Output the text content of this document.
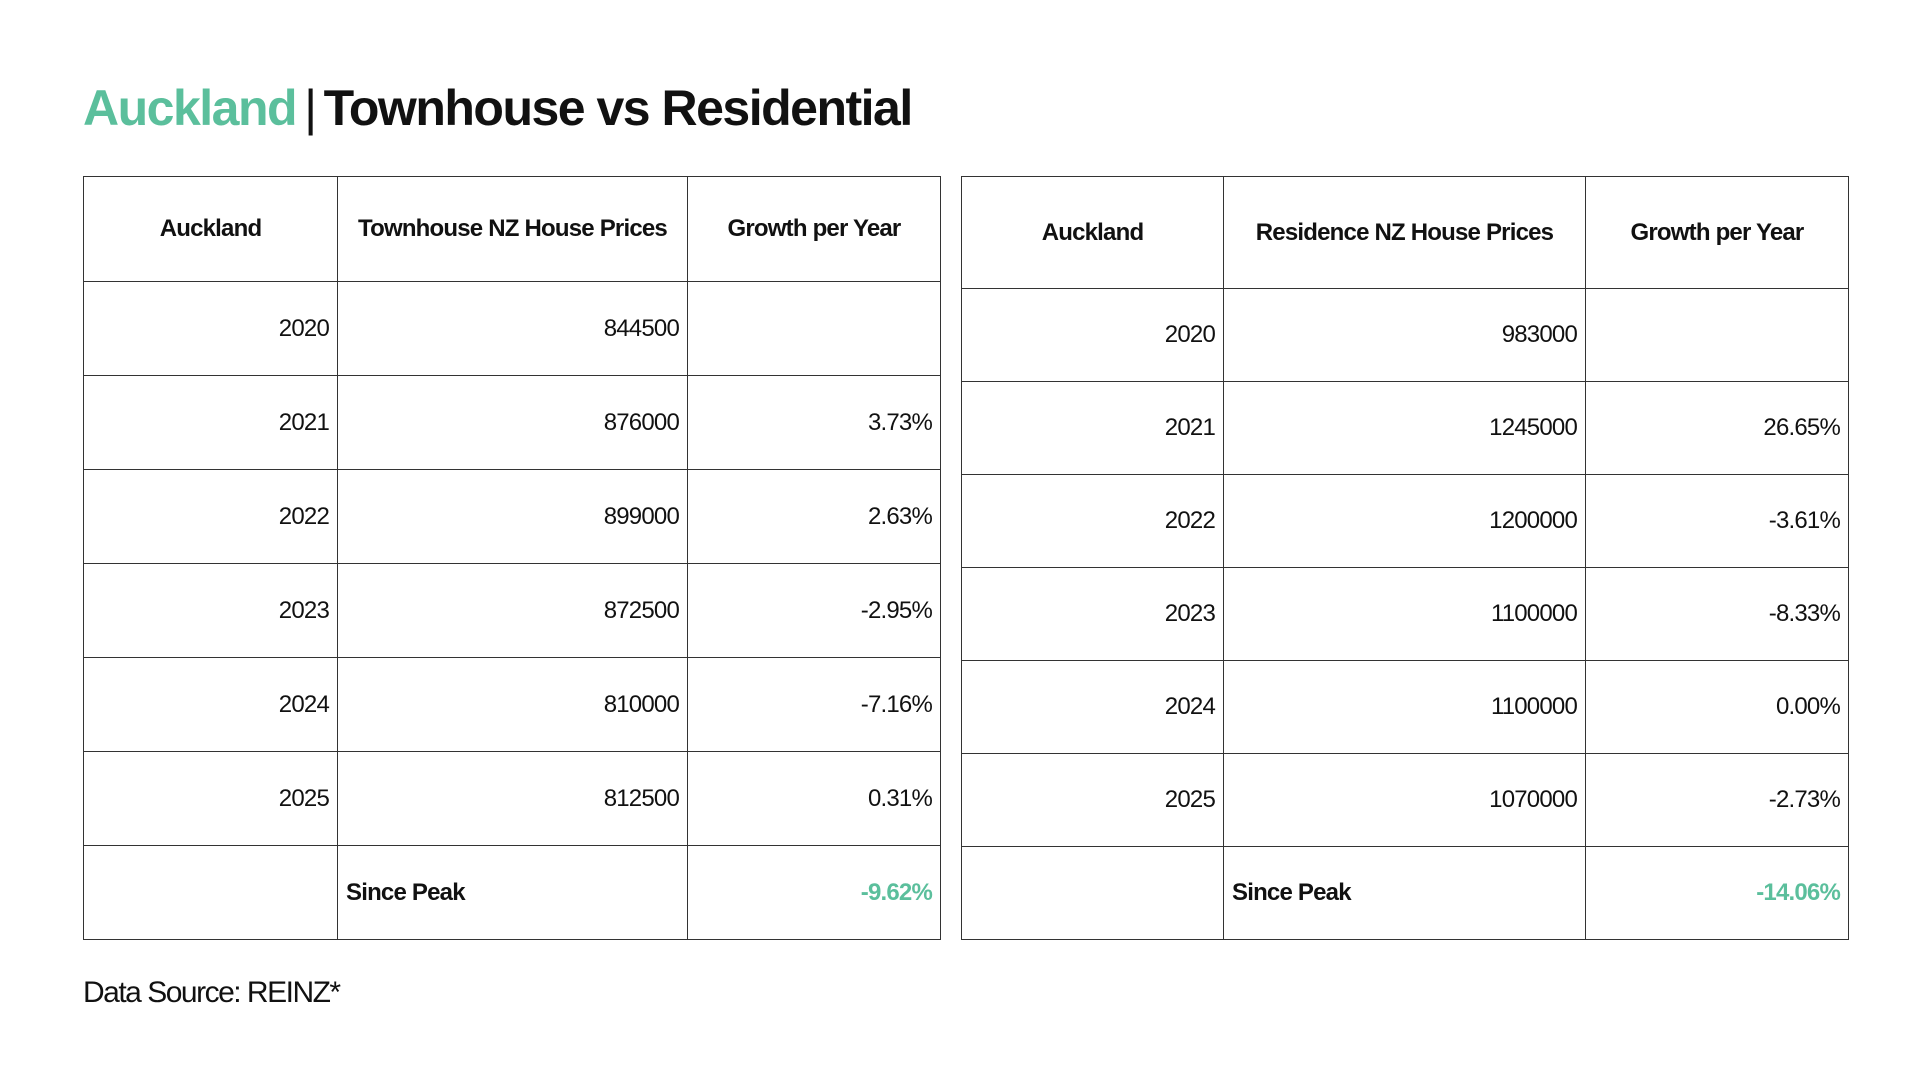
Auckland | Townhouse vs Residential
Auckland	Townhouse NZ House Prices	Growth per Year
2020	844500	
2021	876000	3.73%
2022	899000	2.63%
2023	872500	-2.95%
2024	810000	-7.16%
2025	812500	0.31%
	Since Peak	-9.62%
Auckland	Residence NZ House Prices	Growth per Year
2020	983000	
2021	1245000	26.65%
2022	1200000	-3.61%
2023	1100000	-8.33%
2024	1100000	0.00%
2025	1070000	-2.73%
	Since Peak	-14.06%

Data Source: REINZ*
